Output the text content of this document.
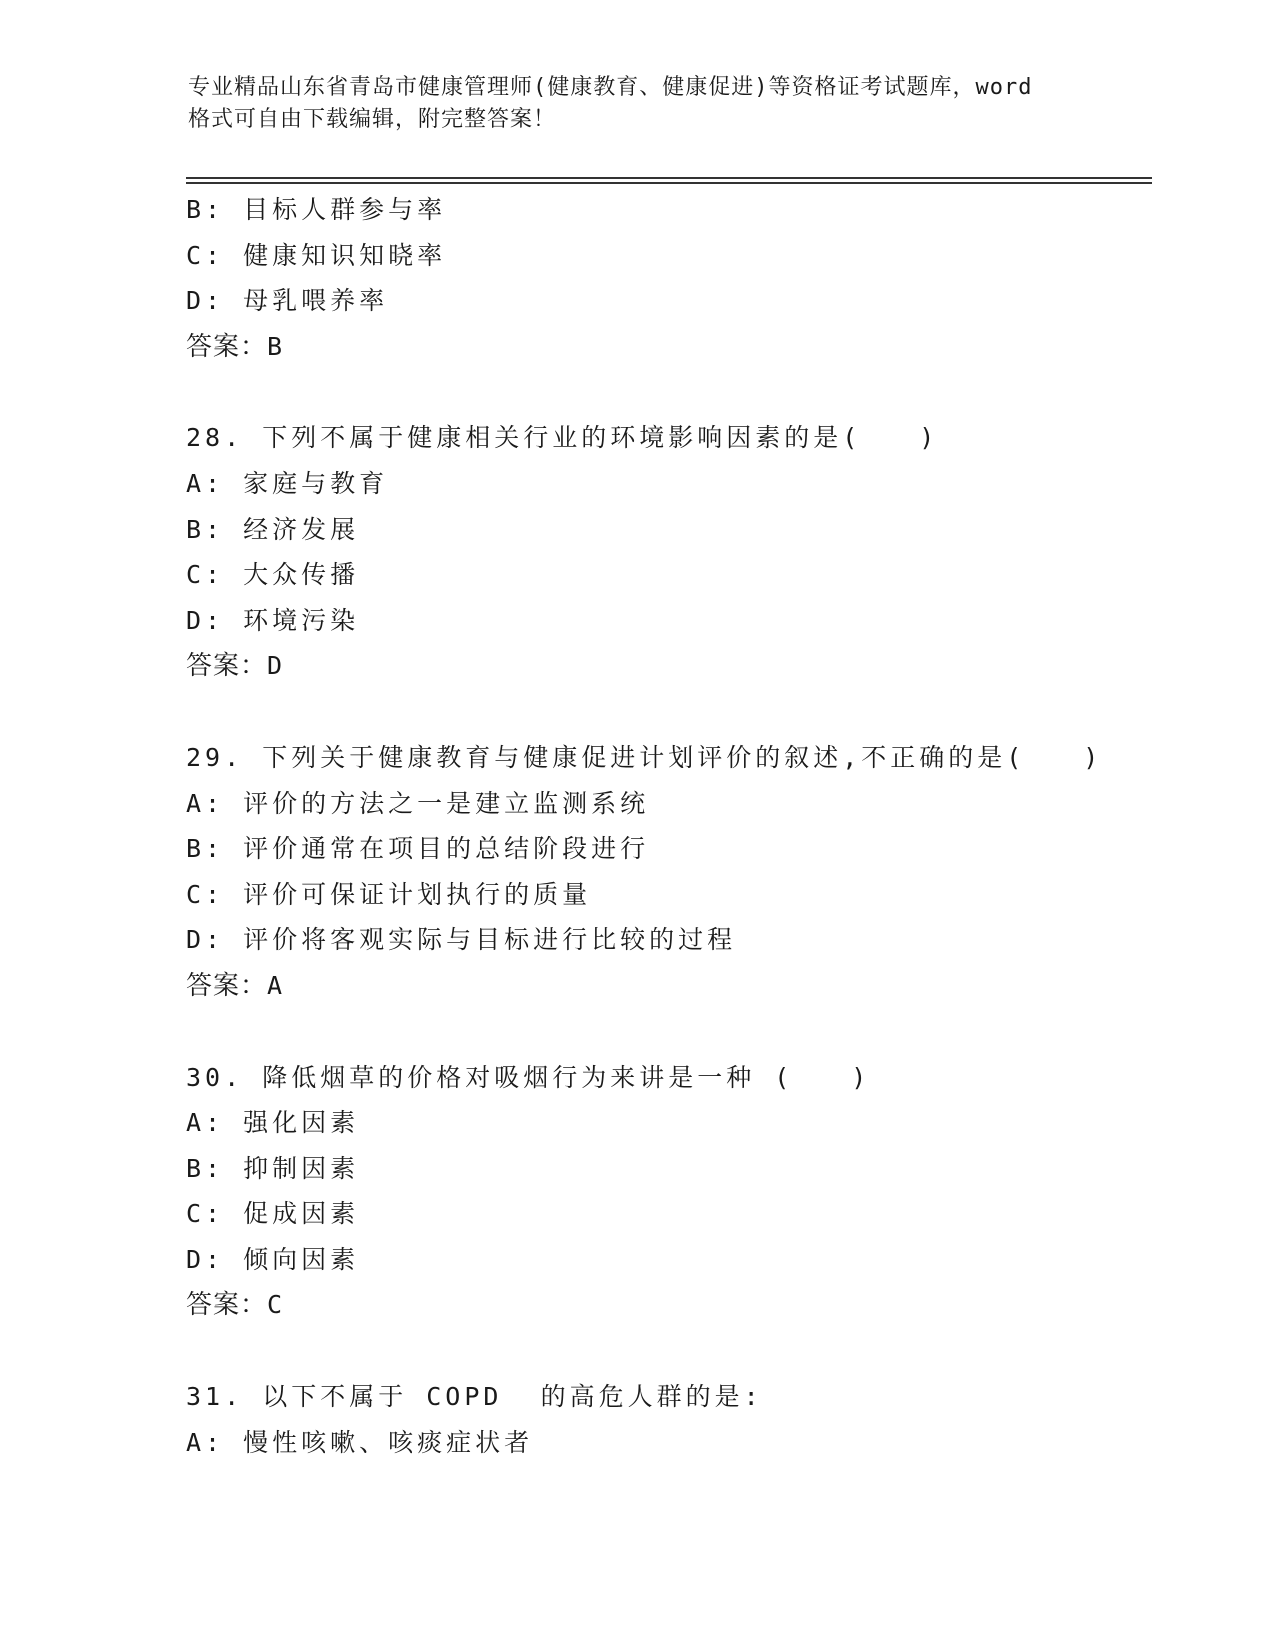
专业精品山东省青岛市健康管理师(健康教育、健康促进)等资格证考试题库，word
格式可自由下载编辑，附完整答案！
B: 目标人群参与率
C: 健康知识知晓率
D: 母乳喂养率
答案：B
28. 下列不属于健康相关行业的环境影响因素的是(　　)
A: 家庭与教育
B: 经济发展
C: 大众传播
D: 环境污染
答案：D
29. 下列关于健康教育与健康促进计划评价的叙述,不正确的是(　　)
A: 评价的方法之一是建立监测系统
B: 评价通常在项目的总结阶段进行
C: 评价可保证计划执行的质量
D: 评价将客观实际与目标进行比较的过程
答案：A
30. 降低烟草的价格对吸烟行为来讲是一种 (　　)
A: 强化因素
B: 抑制因素
C: 促成因素
D: 倾向因素
答案：C
31. 以下不属于 COPD  的高危人群的是:
A: 慢性咳嗽、咳痰症状者
